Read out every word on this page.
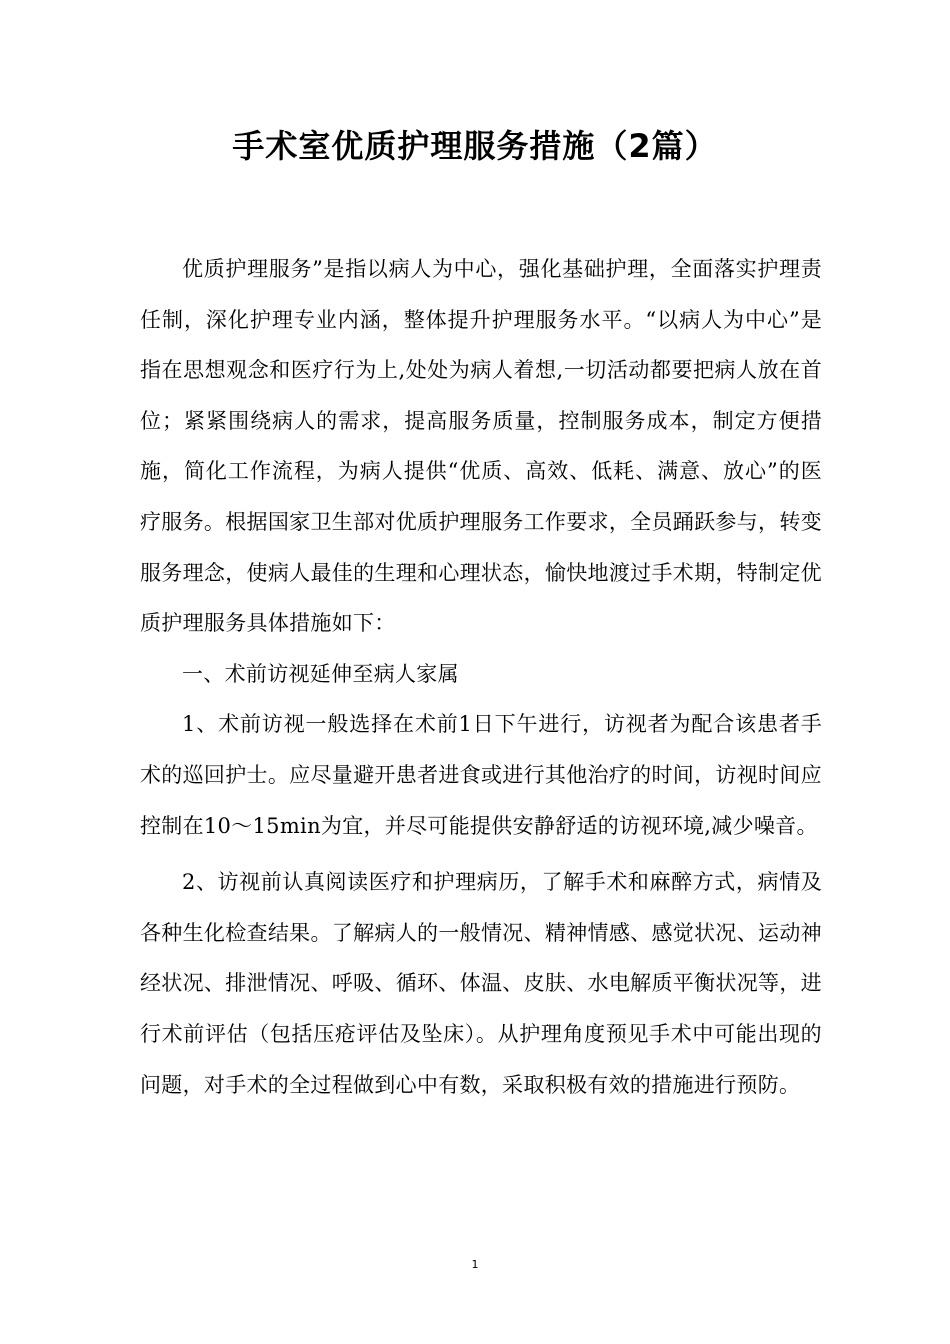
手术室优质护理服务措施（2篇）

优质护理服务”是指以病人为中心，强化基础护理，全面落实护理责任制，深化护理专业内涵，整体提升护理服务水平。“以病人为中心”是指在思想观念和医疗行为上,处处为病人着想,一切活动都要把病人放在首位；紧紧围绕病人的需求，提高服务质量，控制服务成本，制定方便措施，简化工作流程，为病人提供“优质、高效、低耗、满意、放心”的医疗服务。根据国家卫生部对优质护理服务工作要求，全员踊跃参与，转变服务理念，使病人最佳的生理和心理状态，愉快地渡过手术期，特制定优质护理服务具体措施如下：

一、术前访视延伸至病人家属

1、术前访视一般选择在术前1日下午进行，访视者为配合该患者手术的巡回护士。应尽量避开患者进食或进行其他治疗的时间，访视时间应控制在10～15min为宜，并尽可能提供安静舒适的访视环境,减少噪音。

2、访视前认真阅读医疗和护理病历，了解手术和麻醉方式，病情及各种生化检查结果。了解病人的一般情况、精神情感、感觉状况、运动神经状况、排泄情况、呼吸、循环、体温、皮肤、水电解质平衡状况等，进行术前评估（包括压疮评估及坠床）。从护理角度预见手术中可能出现的问题，对手术的全过程做到心中有数，采取积极有效的措施进行预防。

1
